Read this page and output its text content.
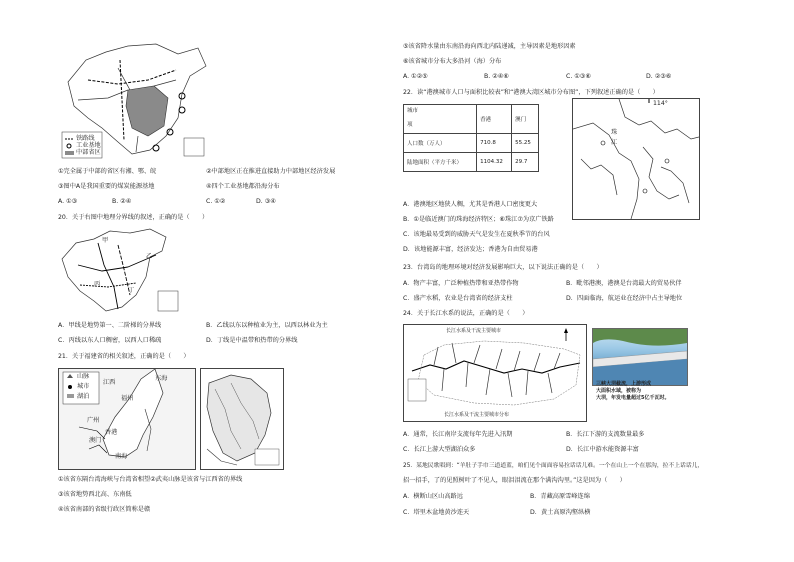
铁路线
工业基地
中部省区
①完全属于中部的省区有湘、鄂、皖	②中部地区正在推进直接助力中部地区经济发展
③图中A是我国重要的煤炭能源基地	④四个工业基地都沿海分布
A. ①③	B. ②④	C. ①②	D. ③④
20．关于右图中地理分界线的叙述，正确的是（　　）
甲
乙
丙
丁
A．甲线是地势第一、二阶梯的分界线	B．乙线以东以种植业为主，以西以林业为主
C．丙线以东人口稠密，以西人口稀疏	D．丁线是中温带和热带的分界线
21．关于福建省的相关叙述，正确的是（　　）
山脉
城市
湖泊
江西
福州
东海
广州
香港
澳门
南海
①该省东隔台湾海峡与台湾省相望②武夷山脉是该省与江西省的界线
③该省地势西北高、东南低
④该省南部的省级行政区简称是赣
⑤该省降水量由东南沿海向西北内陆递减，主导因素是地形因素
⑥该省城市分布大多沿河（海）分布
A. ①②⑤	B. ②④⑥	C. ①③⑥	D. ②③⑥
22．读“港澳城市人口与面积比较表”和“港澳大湾区城市分布图”，下列叙述正确的是（　　）
城市
项	香港	澳门
人口数（万人）	710.8	55.25
陆地面积（平方千米）	1104.32	29.7
114°
珠
江
A．港澳地区地狭人稠，尤其是香港人口密度更大
B．①是临近澳门的珠海经济特区；⑥珠江⑦为京广铁路
C．该地最易受到的威胁天气是发生在夏秋季节的台风
D．该地能源丰富，经济发达；香港为自由贸易港
23．台湾岛的地理环境对经济发展影响巨大，以下说法正确的是（　　）
A．物产丰富，广泛种植热带和亚热带作物	B．毗邻港澳，港澳是台湾最大的贸易伙伴
C．盛产水稻，农业是台湾省的经济支柱	D．四面临海，航运业在经济中占主导地位
24．关于长江水系的说法，正确的是（　　）
长江水系及干流主要城市
长江水系及干流主要城市分布
三峡大坝截流，上游形成
大面积水域，被称为
大坝，年发电量超过5亿千瓦时。
A．通常，长江南岸支流每年先进入汛期	B．长江下游的支流数量最多
C．长江上游大型湖泊众多	D．长江中游水能资源丰富
25．某地民歌唱到：“羊肚子手巾三道道蓝，咱们见个面面容易拉话话儿难。一个在山上一个在那沟，拉不上话话儿，
招一招手，了的见照树叶了不见人，眼泪泪流在那个满沟沟里。”这是因为（　　）
A．横断山区山高路远	B．青藏高原雪峰连绵
C．塔里木盆地黄沙连天	D．黄土高原沟壑纵横
